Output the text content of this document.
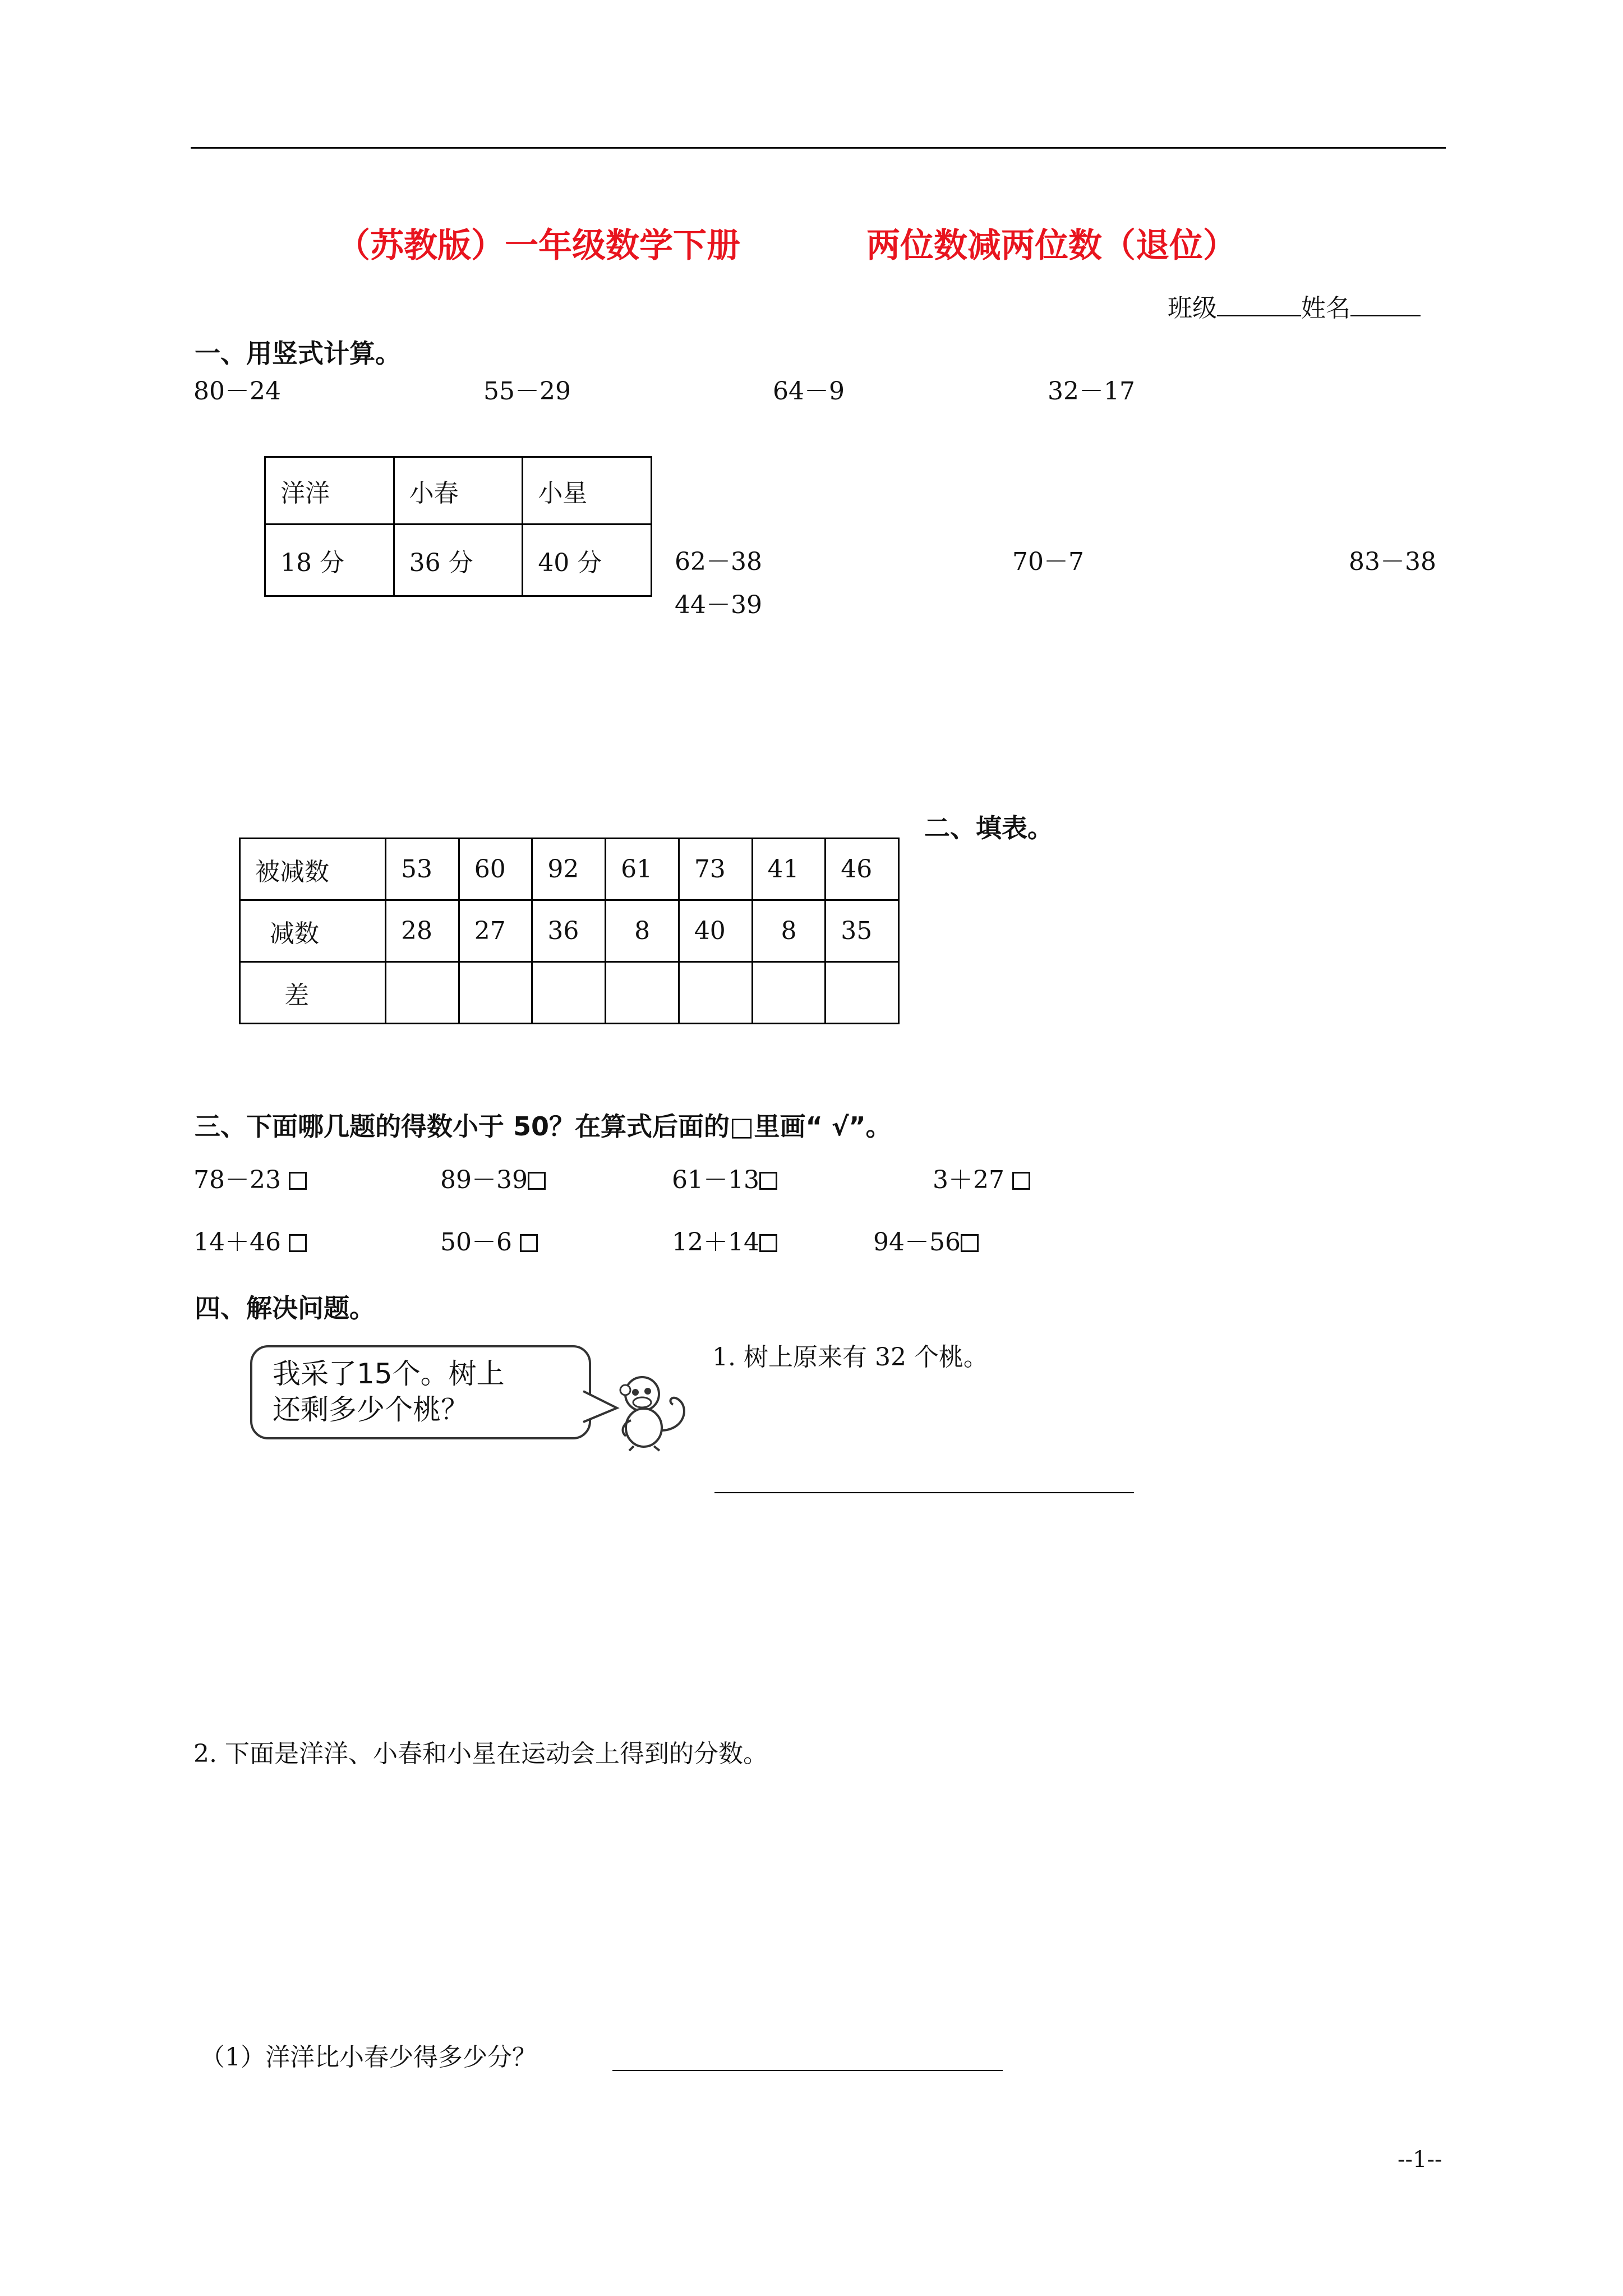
（苏教版）一年级数学下册	两位数减两位数（退位）
班级	姓名
一、用竖式计算。
80－24	55－29	64－9	32－17
洋洋	小春	小星
18 分	36 分	40 分	62－38	70－7	83－38
44－39
二、填表。
被减数	53	60	92	61	73	41	46
减数	28	27	36	8	40	8	35
差							
三、下面哪几题的得数小于 50？在算式后面的□里画“ √”。
78－23	89－39	61－13	3＋27
14＋46	50－6	12＋14	94－56
四、解决问题。
我采了15个。树上
还剩多少个桃？
1. 树上原来有 32 个桃。
2. 下面是洋洋、小春和小星在运动会上得到的分数。
（1）洋洋比小春少得多少分？
--1--
